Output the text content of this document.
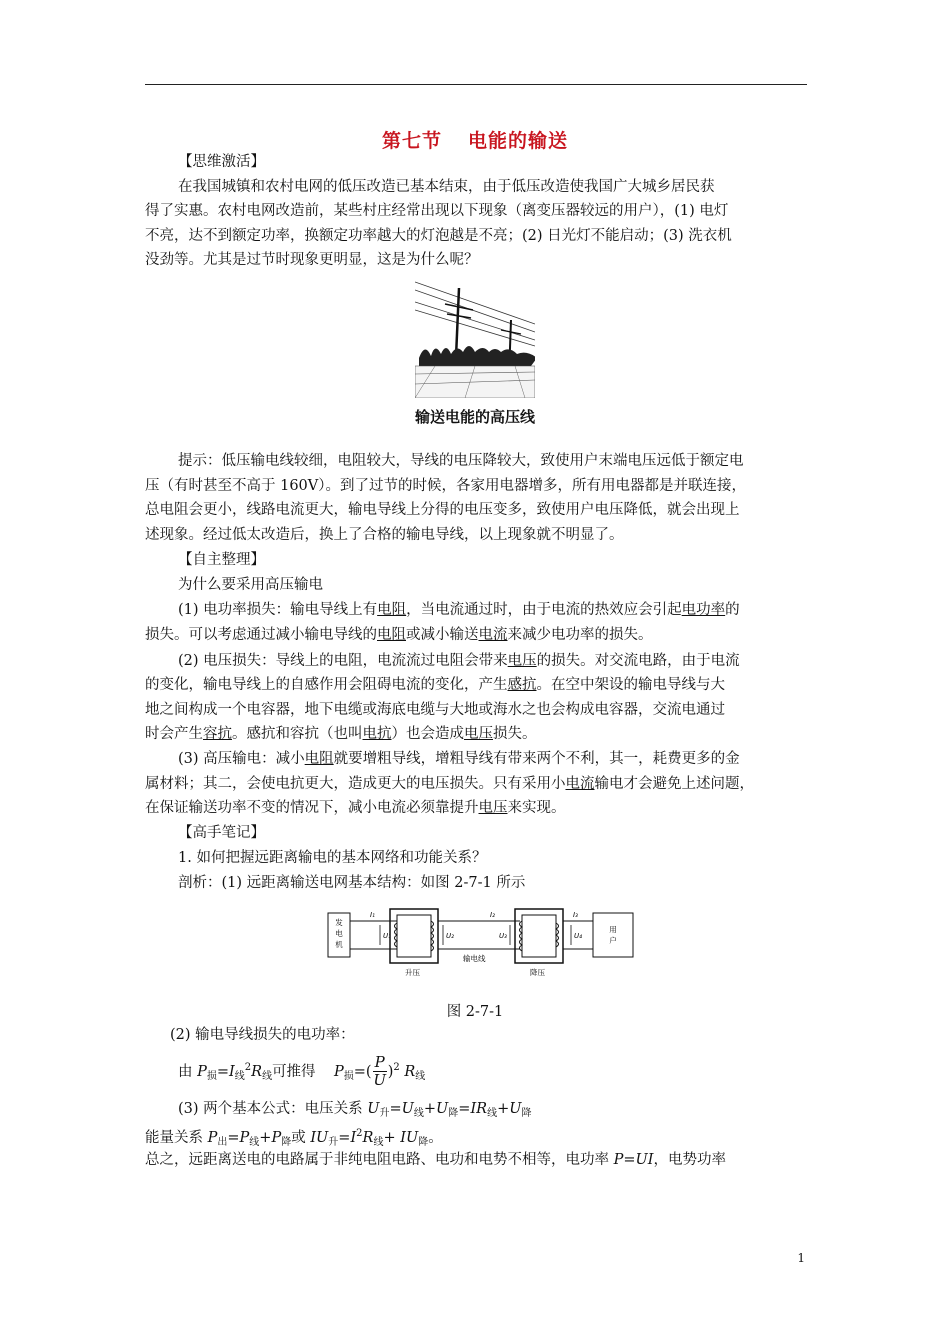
第七节 电能的输送
【思维激活】
在我国城镇和农村电网的低压改造已基本结束，由于低压改造使我国广大城乡居民获
得了实惠。农村电网改造前，某些村庄经常出现以下现象（离变压器较远的用户），(1) 电灯
不亮，达不到额定功率，换额定功率越大的灯泡越是不亮；(2) 日光灯不能启动；(3) 洗衣机
没劲等。尤其是过节时现象更明显，这是为什么呢？
输送电能的高压线
提示：低压输电线较细，电阻较大，导线的电压降较大，致使用户末端电压远低于额定电
压（有时甚至不高于 160V）。到了过节的时候，各家用电器增多，所有用电器都是并联连接，
总电阻会更小，线路电流更大，输电导线上分得的电压变多，致使用户电压降低，就会出现上
述现象。经过低太改造后，换上了合格的输电导线，以上现象就不明显了。
【自主整理】
为什么要采用高压输电
(1) 电功率损失：输电导线上有电阻，当电流通过时，由于电流的热效应会引起电功率的
损失。可以考虑通过减小输电导线的电阻或减小输送电流来减少电功率的损失。
(2) 电压损失：导线上的电阻，电流流过电阻会带来电压的损失。对交流电路，由于电流
的变化，输电导线上的自感作用会阻碍电流的变化，产生感抗。在空中架设的输电导线与大
地之间构成一个电容器，地下电缆或海底电缆与大地或海水之也会构成电容器，交流电通过
时会产生容抗。感抗和容抗（也叫电抗）也会造成电压损失。
(3) 高压输电：减小电阻就要增粗导线，增粗导线有带来两个不利，其一，耗费更多的金
属材料；其二，会使电抗更大，造成更大的电压损失。只有采用小电流输电才会避免上述问题，
在保证输送功率不变的情况下，减小电流必须靠提升电压来实现。
【高手笔记】
1. 如何把握远距离输电的基本网络和功能关系？
剖析：(1) 远距离输送电网基本结构：如图 2-7-1 所示
发
电
机
I₁
U₁
升压
U₂
I₂
输电线
U₃
降压
I₃
U₄
用
户
图 2-7-1
(2) 输电导线损失的电功率：
由 $P_损=I_线^2R_线$可推得 $P_损=( \frac{P}{U} )^2$ $R_线$
(3) 两个基本公式：电压关系 $U_升=U_线+U_降=IR_线+U_降$
能量关系 $P_出=P_线+P_降$或 $IU_升=I^2R_线+ IU_降$。
总之，远距离送电的电路属于非纯电阻电路、电功和电势不相等，电功率 P=UI，电势功率
1
